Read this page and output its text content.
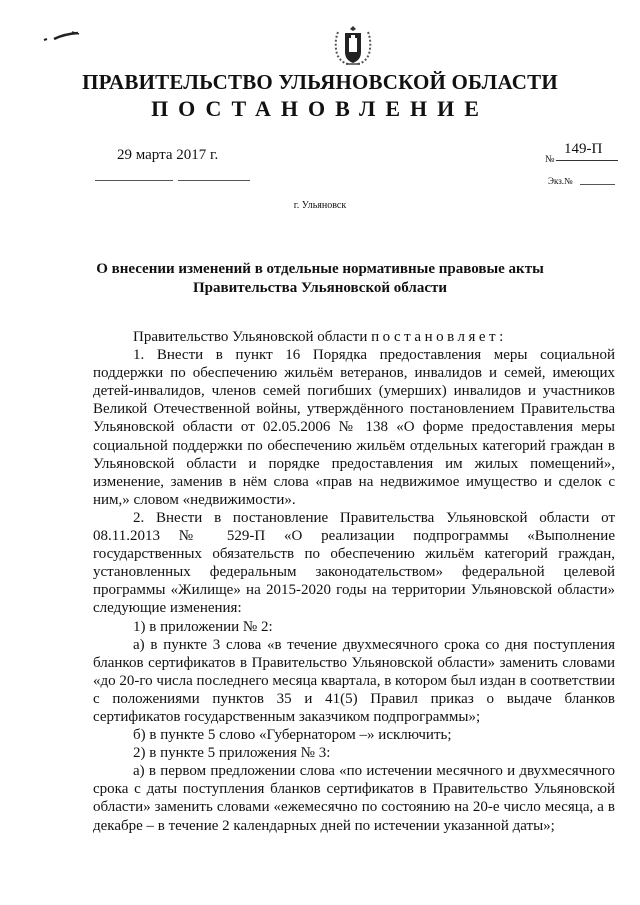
ПРАВИТЕЛЬСТВО УЛЬЯНОВСКОЙ ОБЛАСТИ
ПОСТАНОВЛЕНИЕ
29 марта 2017 г.	№
149-П
Экз.№
г. Ульяновск
О внесении изменений в отдельные нормативные правовые акты
Правительства Ульяновской области

Правительство Ульяновской области постановляет:

1. Внести в пункт 16 Порядка предоставления меры социальной поддержки по обеспечению жильём ветеранов, инвалидов и семей, имеющих детей-инвалидов, членов семей погибших (умерших) инвалидов и участников Великой Отечественной войны, утверждённого постановлением Правительства Ульяновской области от 02.05.2006 № 138 «О форме предоставления меры социальной поддержки по обеспечению жильём отдельных категорий граждан в Ульяновской области и порядке предоставления им жилых помещений», изменение, заменив в нём слова «прав на недвижимое имущество и сделок с ним,» словом «недвижимости».

2. Внести в постановление Правительства Ульяновской области от 08.11.2013 № 529-П «О реализации подпрограммы «Выполнение государственных обязательств по обеспечению жильём категорий граждан, установленных федеральным законодательством» федеральной целевой программы «Жилище» на 2015-2020 годы на территории Ульяновской области» следующие изменения:

1) в приложении № 2:

а) в пункте 3 слова «в течение двухмесячного срока со дня поступления бланков сертификатов в Правительство Ульяновской области» заменить словами «до 20-го числа последнего месяца квартала, в котором был издан в соответствии с положениями пунктов 35 и 41(5) Правил приказ о выдаче бланков сертификатов государственным заказчиком подпрограммы»;

б) в пункте 5 слово «Губернатором –» исключить;

2) в пункте 5 приложения № 3:

а) в первом предложении слова «по истечении месячного и двухмесячного срока с даты поступления бланков сертификатов в Правительство Ульяновской области» заменить словами «ежемесячно по состоянию на 20-е число месяца, а в декабре – в течение 2 календарных дней по истечении указанной даты»;
